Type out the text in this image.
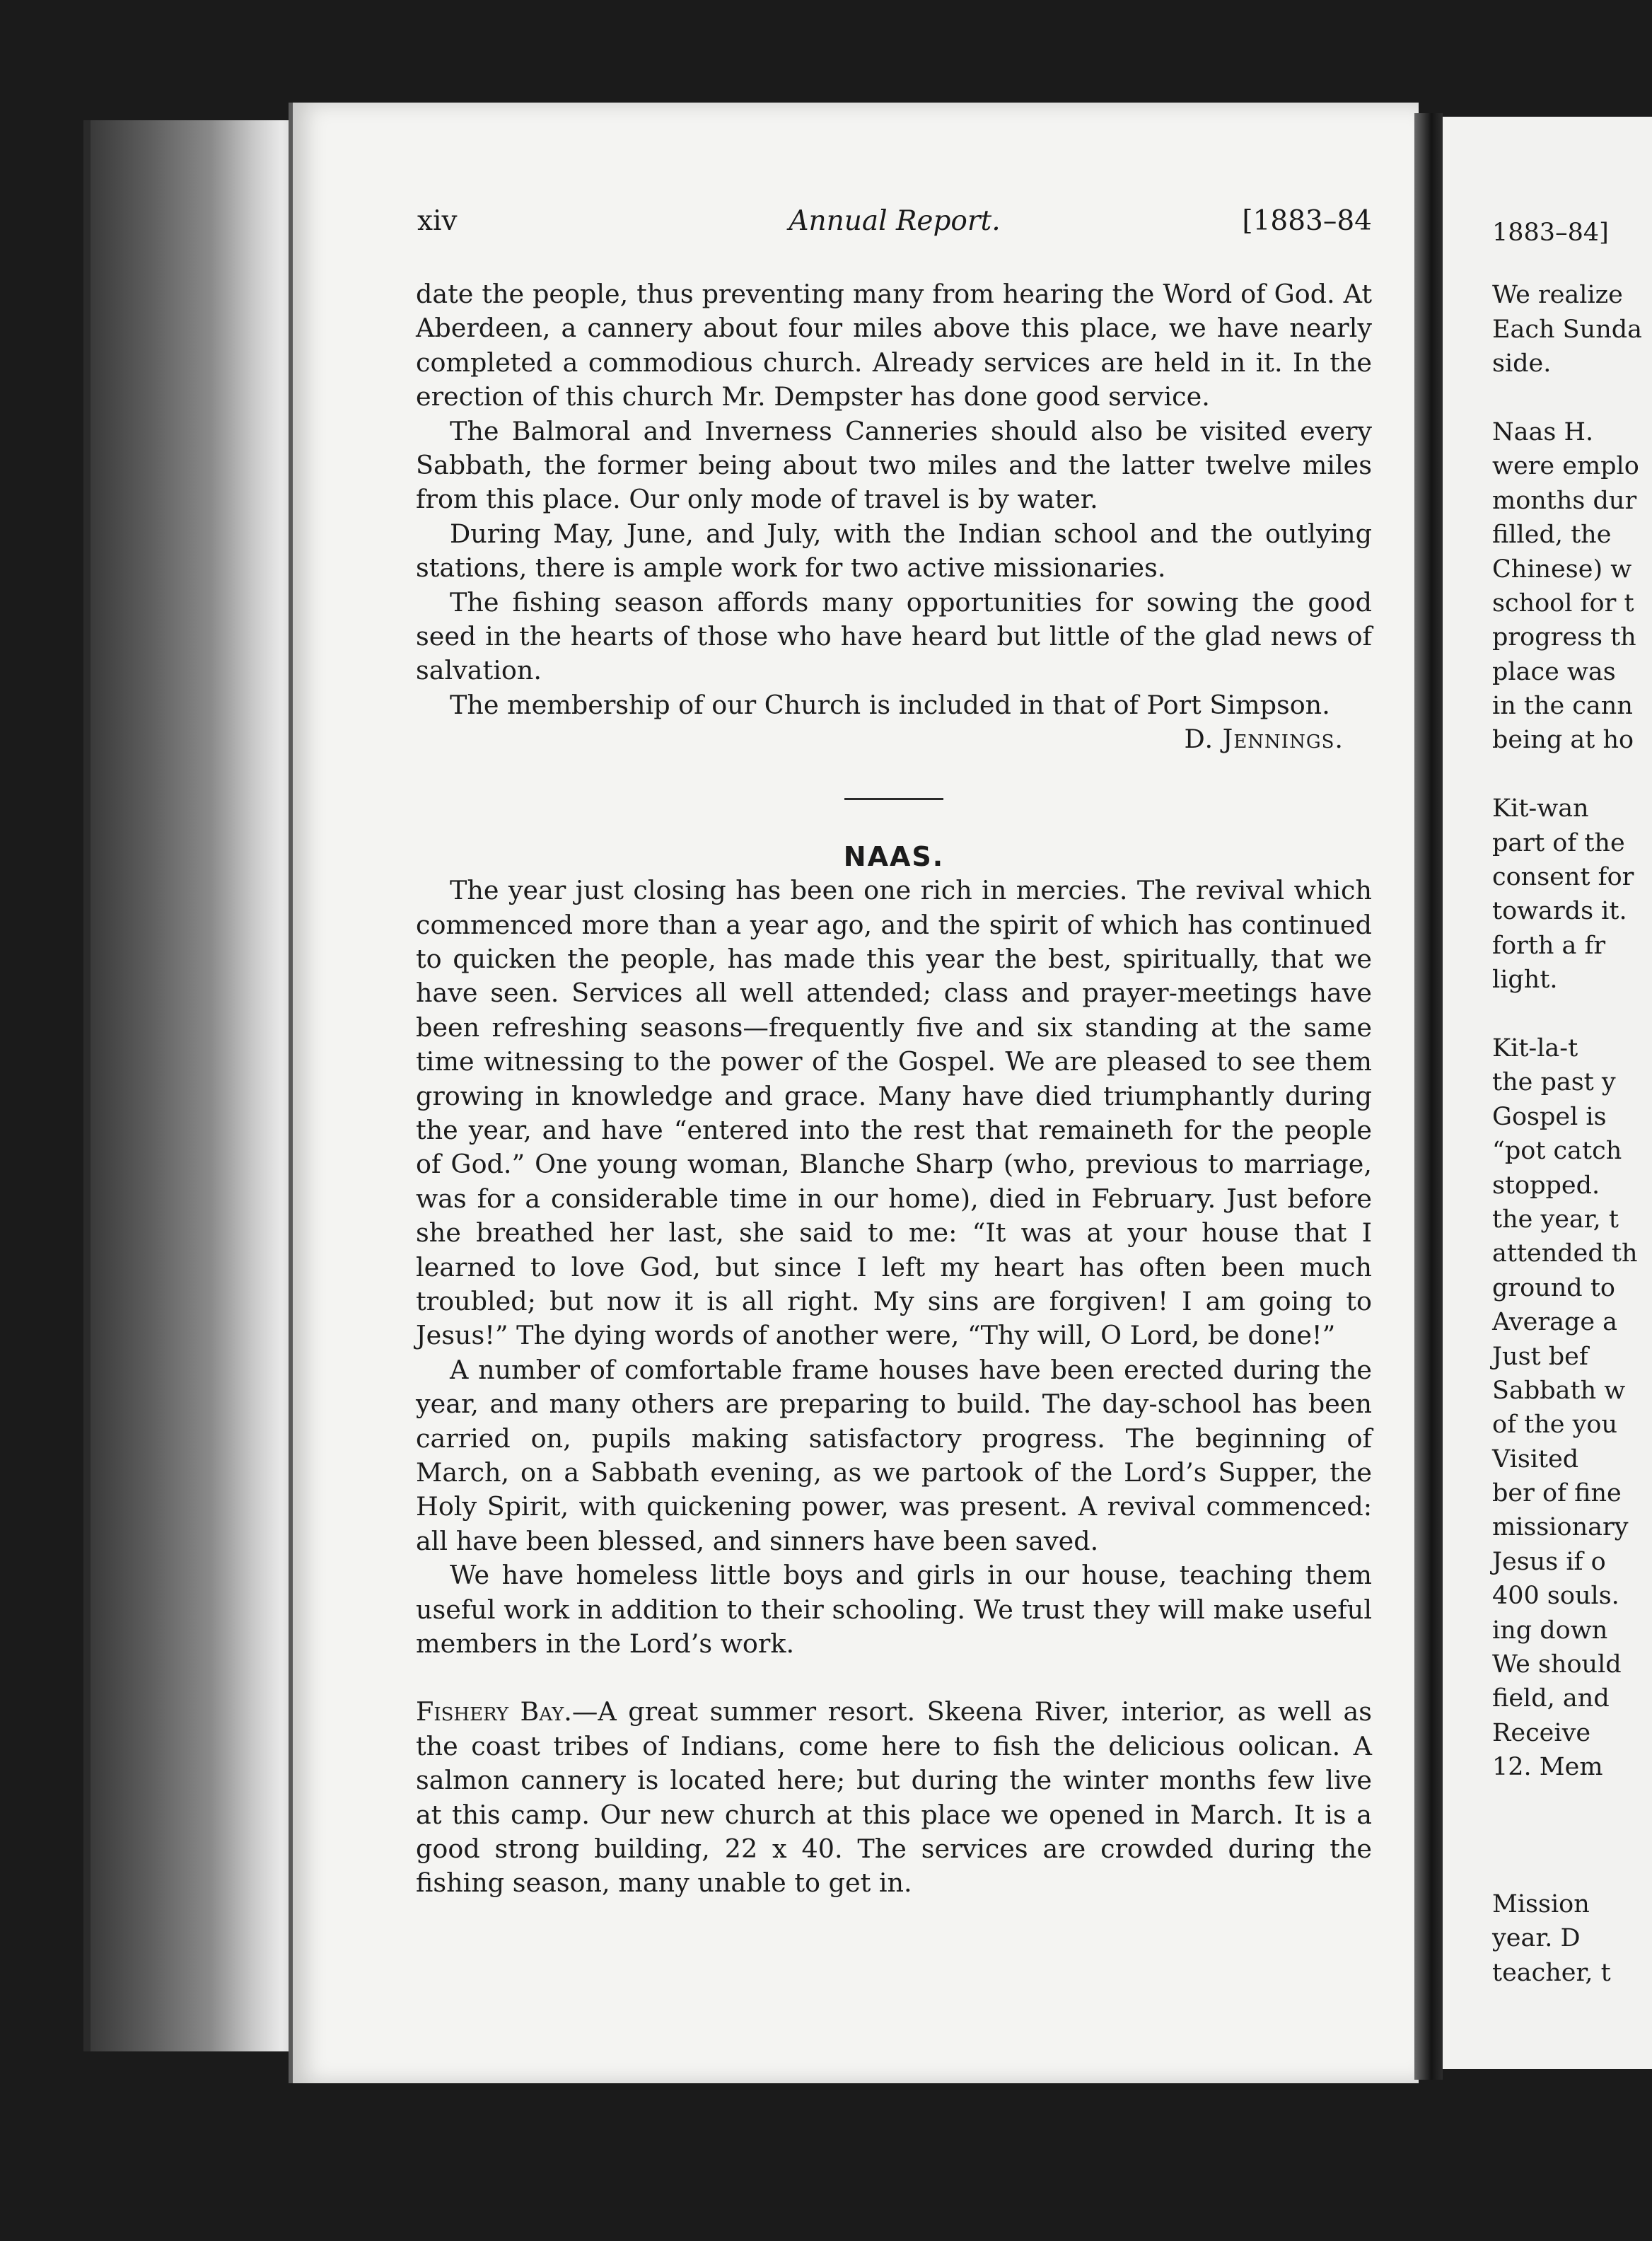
1883–84]
We realize
Each Sunda
side.
Naas H.
were emplo
months dur
filled, the
Chinese) w
school for t
progress th
place was
in the cann
being at ho
Kit-wan
part of the
consent for
towards it.
forth a fr
light.
Kit-la-t
the past y
Gospel is
“pot catch
stopped.
the year, t
attended th
ground to
Average a
Just bef
Sabbath w
of the you
Visited
ber of fine
missionary
Jesus if o
400 souls.
ing down
We should
field, and
Receive
12. Mem
Mission
year. D
teacher, t
xiv	Annual Report.	[1883–84

date the people, thus preventing many from hearing the Word of God. At Aberdeen, a cannery about four miles above this place, we have nearly completed a commodious church. Already services are held in it. In the erection of this church Mr. Dempster has done good service.

The Balmoral and Inverness Canneries should also be visited every Sabbath, the former being about two miles and the latter twelve miles from this place. Our only mode of travel is by water.

During May, June, and July, with the Indian school and the outlying stations, there is ample work for two active missionaries.

The fishing season affords many opportunities for sowing the good seed in the hearts of those who have heard but little of the glad news of salvation.

The membership of our Church is included in that of Port Simpson.

D. Jennings.

NAAS.

The year just closing has been one rich in mercies. The revival which commenced more than a year ago, and the spirit of which has continued to quicken the people, has made this year the best, spiritually, that we have seen. Services all well attended; class and prayer-meetings have been refreshing seasons—frequently five and six standing at the same time witnessing to the power of the Gospel. We are pleased to see them growing in knowledge and grace. Many have died triumphantly during the year, and have “entered into the rest that remaineth for the people of God.” One young woman, Blanche Sharp (who, previous to marriage, was for a considerable time in our home), died in February. Just before she breathed her last, she said to me: “It was at your house that I learned to love God, but since I left my heart has often been much troubled; but now it is all right. My sins are forgiven! I am going to Jesus!” The dying words of another were, “Thy will, O Lord, be done!”

A number of comfortable frame houses have been erected during the year, and many others are preparing to build. The day-school has been carried on, pupils making satisfactory progress. The beginning of March, on a Sabbath evening, as we partook of the Lord’s Supper, the Holy Spirit, with quickening power, was present. A revival commenced: all have been blessed, and sinners have been saved.

We have homeless little boys and girls in our house, teaching them useful work in addition to their schooling. We trust they will make useful members in the Lord’s work.

Fishery Bay.—A great summer resort. Skeena River, interior, as well as the coast tribes of Indians, come here to fish the delicious oolican. A salmon cannery is located here; but during the winter months few live at this camp. Our new church at this place we opened in March. It is a good strong building, 22 x 40. The services are crowded during the fishing season, many unable to get in.
